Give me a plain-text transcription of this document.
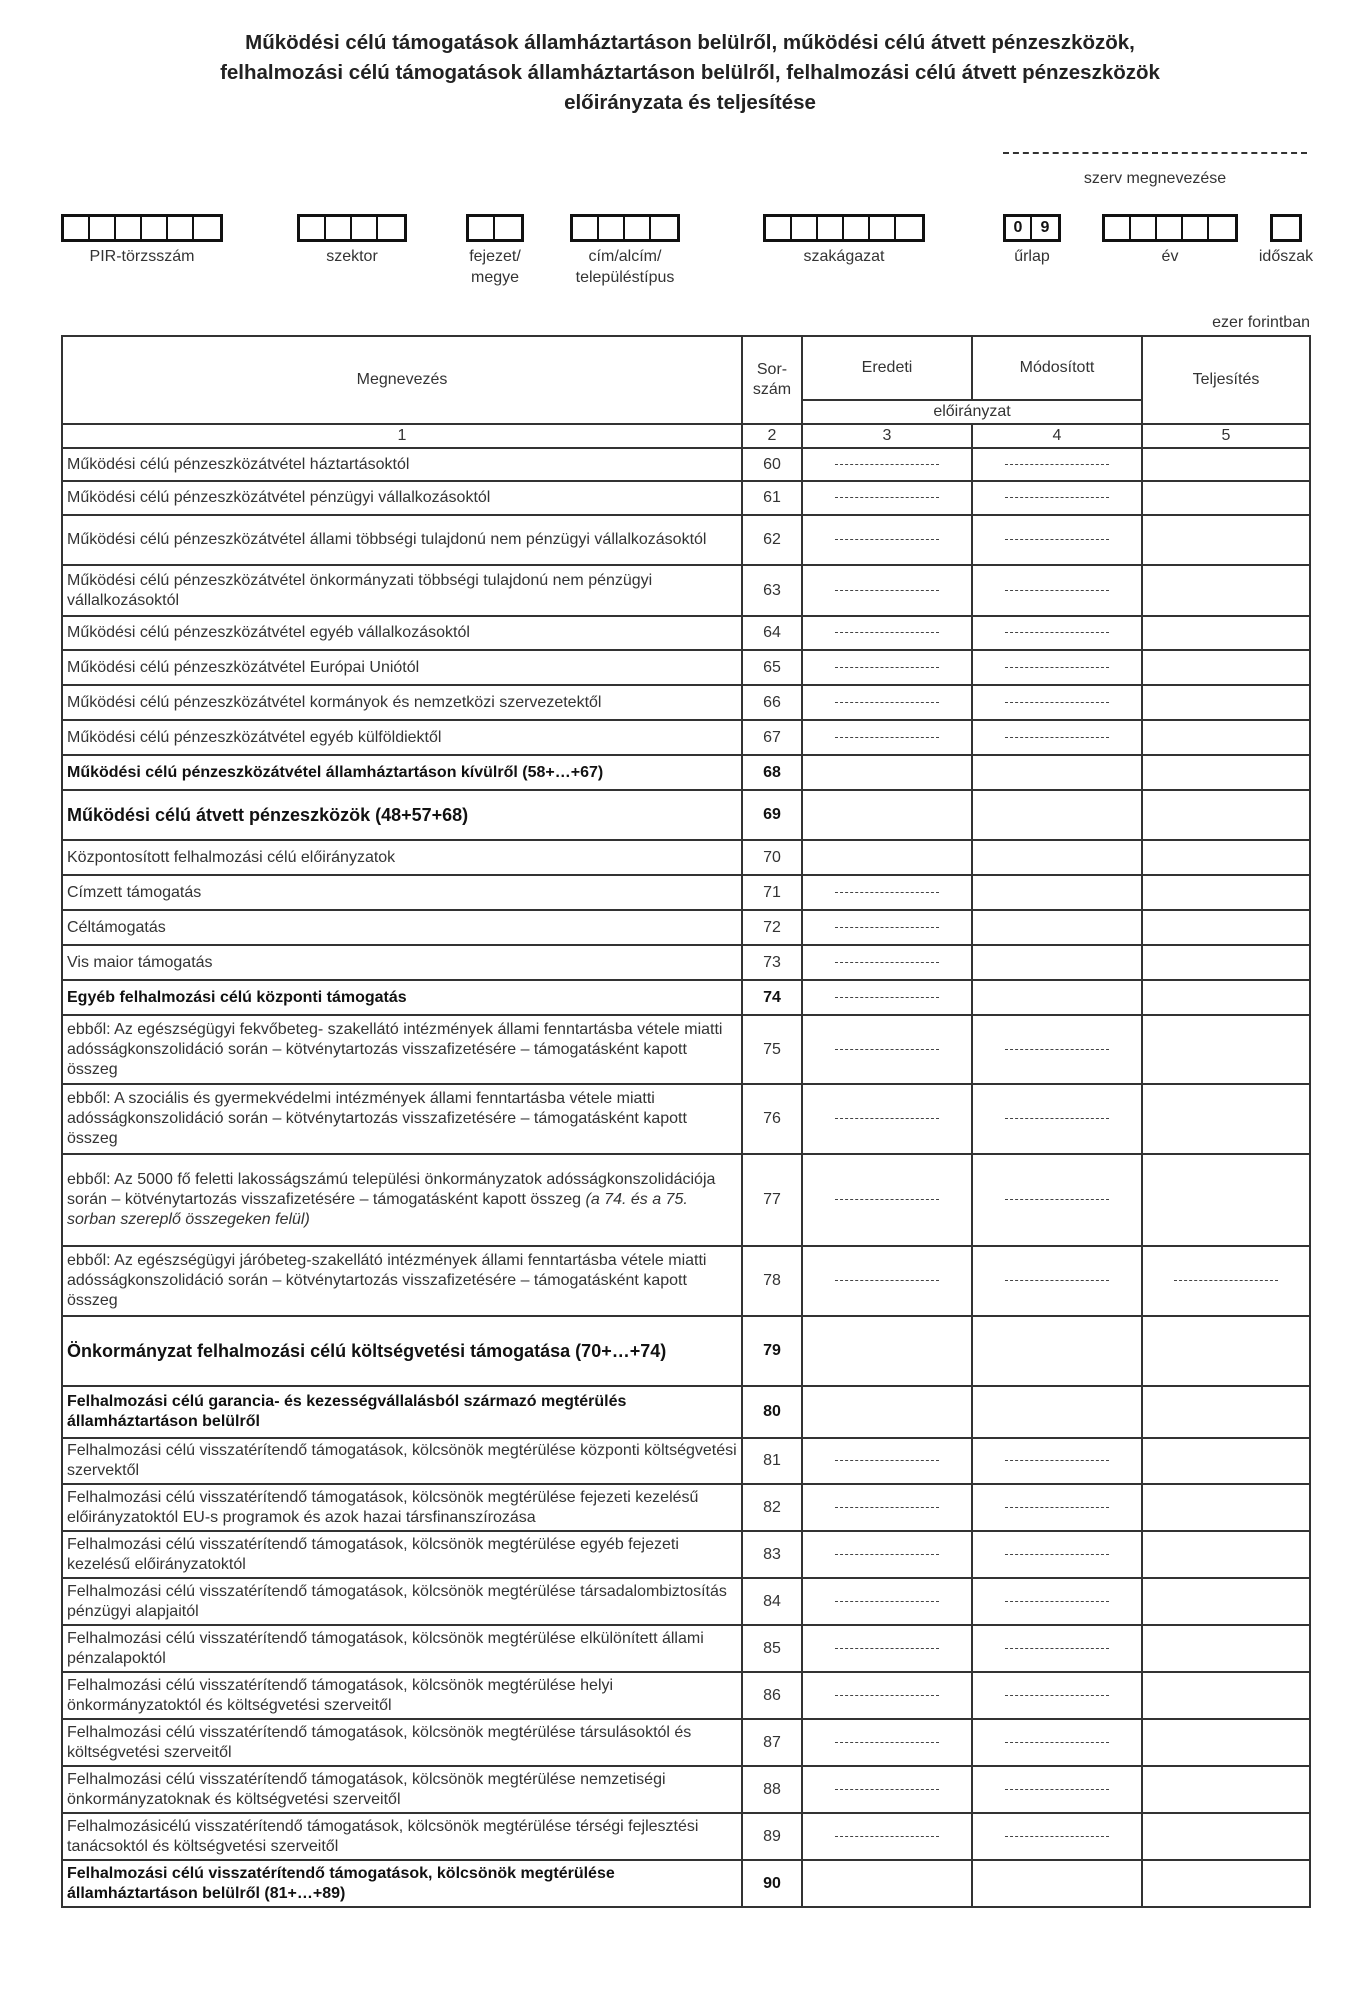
Működési célú támogatások államháztartáson belülről, működési célú átvett pénzeszközök,
felhalmozási célú támogatások államháztartáson belülről, felhalmozási célú átvett pénzeszközök
előirányzata és teljesítése
szerv megnevezése
PIR-törzsszám	szektor	fejezet/
megye
cím/alcím/
településtípus
szakágazat
0	9
űrlap	év	időszak
ezer forintban
Megnevezés	Sor-
szám	Eredeti	Módosított	Teljesítés
		előirányzat		
1	2	3	4	5
Működési célú pénzeszközátvétel háztartásoktól	60			
Működési célú pénzeszközátvétel pénzügyi vállalkozásoktól	61			
Működési célú pénzeszközátvétel állami többségi tulajdonú nem pénzügyi vállalkozásoktól	62			
Működési célú pénzeszközátvétel önkormányzati többségi tulajdonú nem pénzügyi vállalkozásoktól	63			
Működési célú pénzeszközátvétel egyéb vállalkozásoktól	64			
Működési célú pénzeszközátvétel Európai Uniótól	65			
Működési célú pénzeszközátvétel kormányok és nemzetközi szervezetektől	66			
Működési célú pénzeszközátvétel egyéb külföldiektől	67			
Működési célú pénzeszközátvétel államháztartáson kívülről (58+…+67)	68			
Működési célú átvett pénzeszközök (48+57+68)	69			
Központosított felhalmozási célú előirányzatok	70			
Címzett támogatás	71			
Céltámogatás	72			
Vis maior támogatás	73			
Egyéb felhalmozási célú központi támogatás	74			
ebből: Az egészségügyi fekvőbeteg- szakellátó intézmények állami fenntartásba vétele miatti adósságkonszolidáció során – kötvénytartozás visszafizetésére – támogatásként kapott összeg	75			
ebből: A szociális és gyermekvédelmi intézmények állami fenntartásba vétele miatti adósságkonszolidáció során – kötvénytartozás visszafizetésére – támogatásként kapott összeg	76			
ebből: Az 5000 fő feletti lakosságszámú települési önkormányzatok adósságkonszolidációja során – kötvénytartozás visszafizetésére – támogatásként kapott összeg (a 74. és a 75. sorban szereplő összegeken felül)	77			
ebből: Az egészségügyi járóbeteg-szakellátó intézmények állami fenntartásba vétele miatti adósságkonszolidáció során – kötvénytartozás visszafizetésére – támogatásként kapott összeg	78			
Önkormányzat felhalmozási célú költségvetési támogatása (70+…+74)	79			
Felhalmozási célú garancia- és kezességvállalásból származó megtérülés államháztartáson belülről	80			
Felhalmozási célú visszatérítendő támogatások, kölcsönök megtérülése központi költségvetési szervektől	81			
Felhalmozási célú visszatérítendő támogatások, kölcsönök megtérülése fejezeti kezelésű előirányzatoktól EU-s programok és azok hazai társfinanszírozása	82			
Felhalmozási célú visszatérítendő támogatások, kölcsönök megtérülése egyéb fejezeti kezelésű előirányzatoktól	83			
Felhalmozási célú visszatérítendő támogatások, kölcsönök megtérülése társadalombiztosítás pénzügyi alapjaitól	84			
Felhalmozási célú visszatérítendő támogatások, kölcsönök megtérülése elkülönített állami pénzalapoktól	85			
Felhalmozási célú visszatérítendő támogatások, kölcsönök megtérülése helyi önkormányzatoktól és költségvetési szerveitől	86			
Felhalmozási célú visszatérítendő támogatások, kölcsönök megtérülése társulásoktól és költségvetési szerveitől	87			
Felhalmozási célú visszatérítendő támogatások, kölcsönök megtérülése nemzetiségi önkormányzatoknak és költségvetési szerveitől	88			
Felhalmozásicélú visszatérítendő támogatások, kölcsönök megtérülése térségi fejlesztési tanácsoktól és költségvetési szerveitől	89			
Felhalmozási célú visszatérítendő támogatások, kölcsönök megtérülése államháztartáson belülről (81+…+89)	90			
